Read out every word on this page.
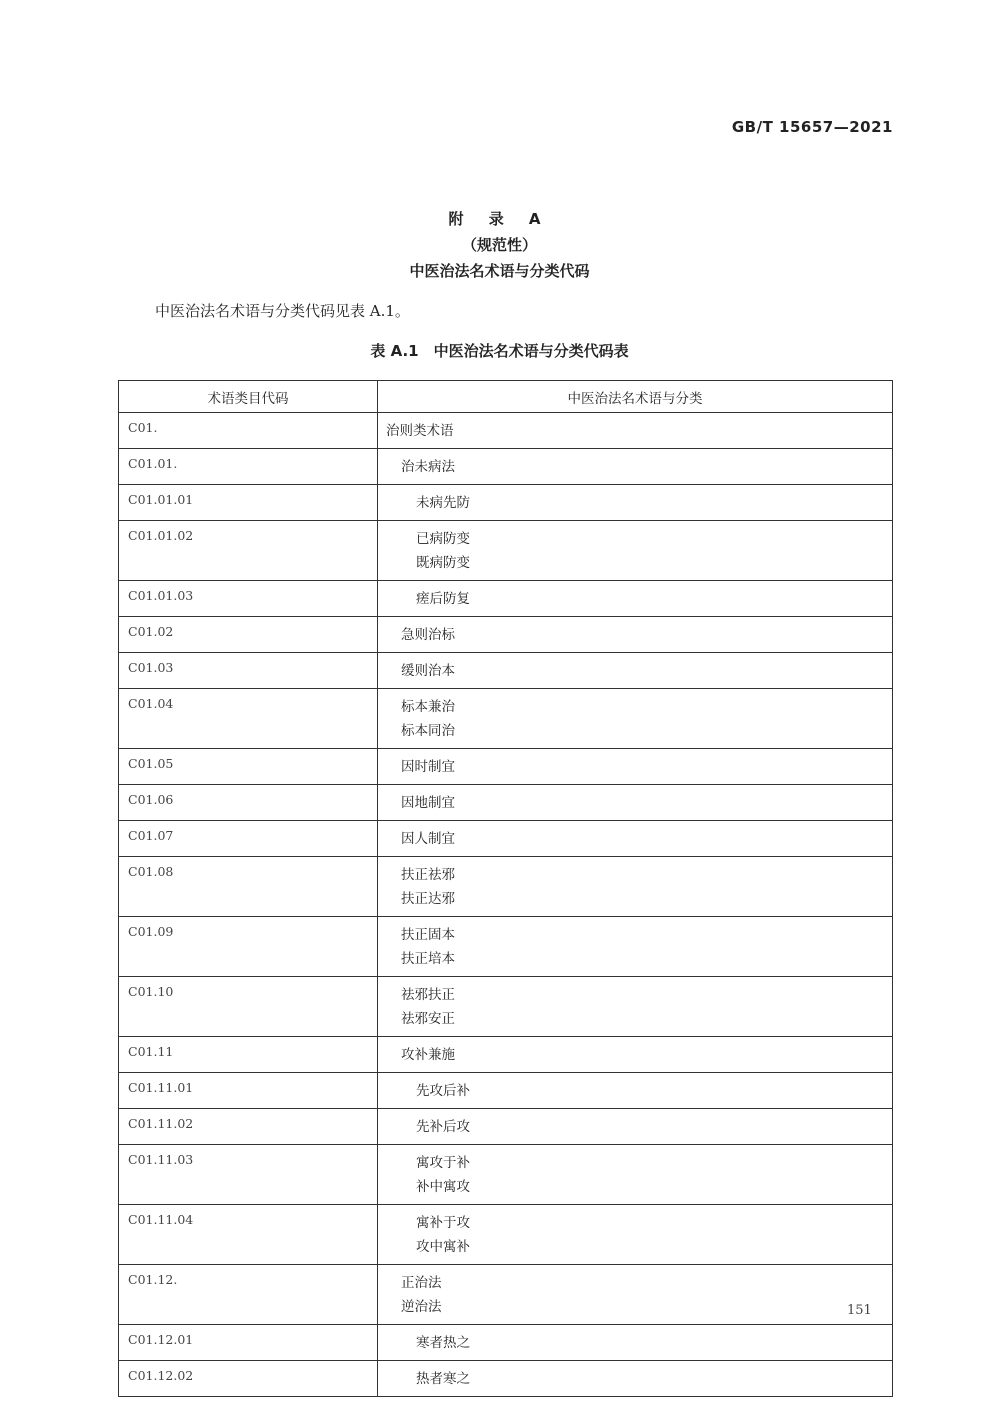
GB/T 15657—2021
附 录 A
（规范性）
中医治法名术语与分类代码
中医治法名术语与分类代码见表 A.1。
表 A.1　中医治法名术语与分类代码表
术语类目代码	中医治法名术语与分类
C01.	治则类术语

C01.01.	治未病法

C01.01.01	未病先防

C01.01.02	已病防变
既病防变

C01.01.03	瘥后防复

C01.02	急则治标

C01.03	缓则治本

C01.04	标本兼治
标本同治

C01.05	因时制宜

C01.06	因地制宜

C01.07	因人制宜

C01.08	扶正祛邪
扶正达邪

C01.09	扶正固本
扶正培本

C01.10	祛邪扶正
祛邪安正

C01.11	攻补兼施

C01.11.01	先攻后补

C01.11.02	先补后攻

C01.11.03	寓攻于补
补中寓攻

C01.11.04	寓补于攻
攻中寓补

C01.12.	正治法
逆治法

C01.12.01	寒者热之

C01.12.02	热者寒之
151
